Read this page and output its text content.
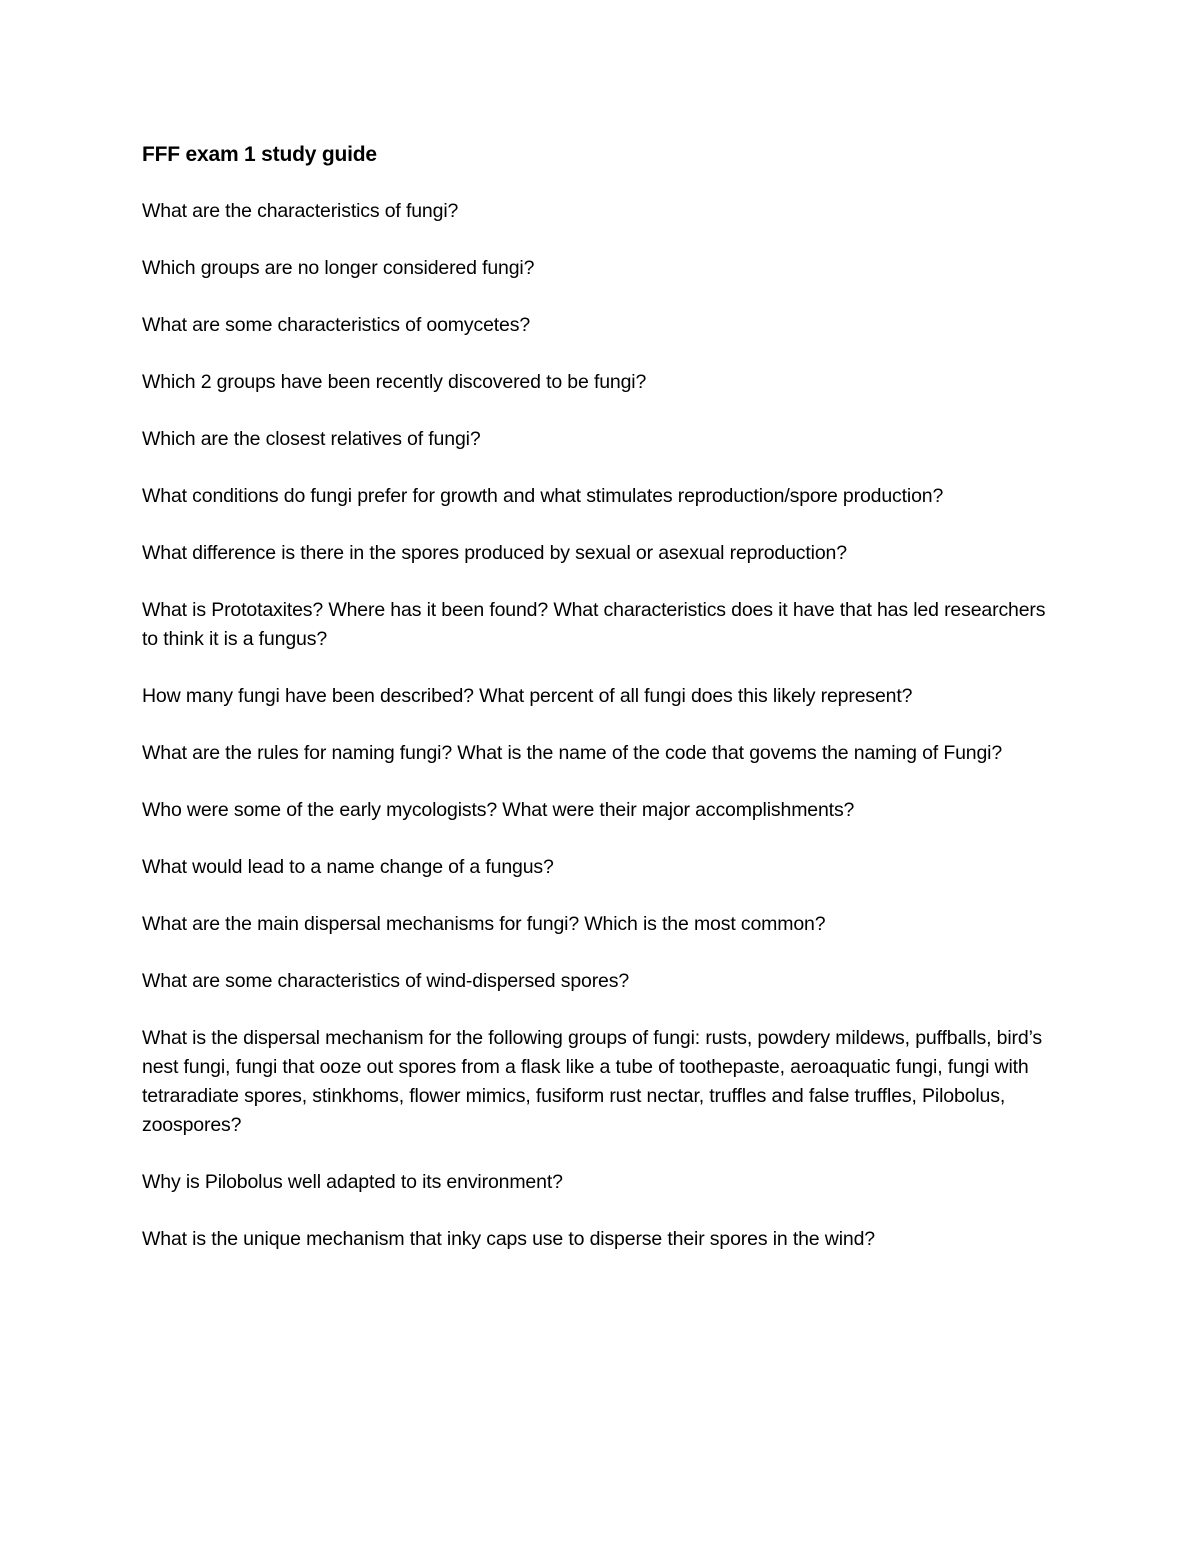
FFF exam 1 study guide

What are the characteristics of fungi?

Which groups are no longer considered fungi?

What are some characteristics of oomycetes?

Which 2 groups have been recently discovered to be fungi?

Which are the closest relatives of fungi?

What conditions do fungi prefer for growth and what stimulates reproduction/spore production?

What difference is there in the spores produced by sexual or asexual reproduction?

What is Prototaxites? Where has it been found? What characteristics does it have that has led researchers to think it is a fungus?

How many fungi have been described? What percent of all fungi does this likely represent?

What are the rules for naming fungi? What is the name of the code that govems the naming of Fungi?

Who were some of the early mycologists? What were their major accomplishments?

What would lead to a name change of a fungus?

What are the main dispersal mechanisms for fungi? Which is the most common?

What are some characteristics of wind-dispersed spores?

What is the dispersal mechanism for the following groups of fungi: rusts, powdery mildews, puffballs, bird’s nest fungi, fungi that ooze out spores from a flask like a tube of toothepaste, aeroaquatic fungi, fungi with tetraradiate spores, stinkhoms, flower mimics, fusiform rust nectar, truffles and false truffles, Pilobolus, zoospores?

Why is Pilobolus well adapted to its environment?

What is the unique mechanism that inky caps use to disperse their spores in the wind?
